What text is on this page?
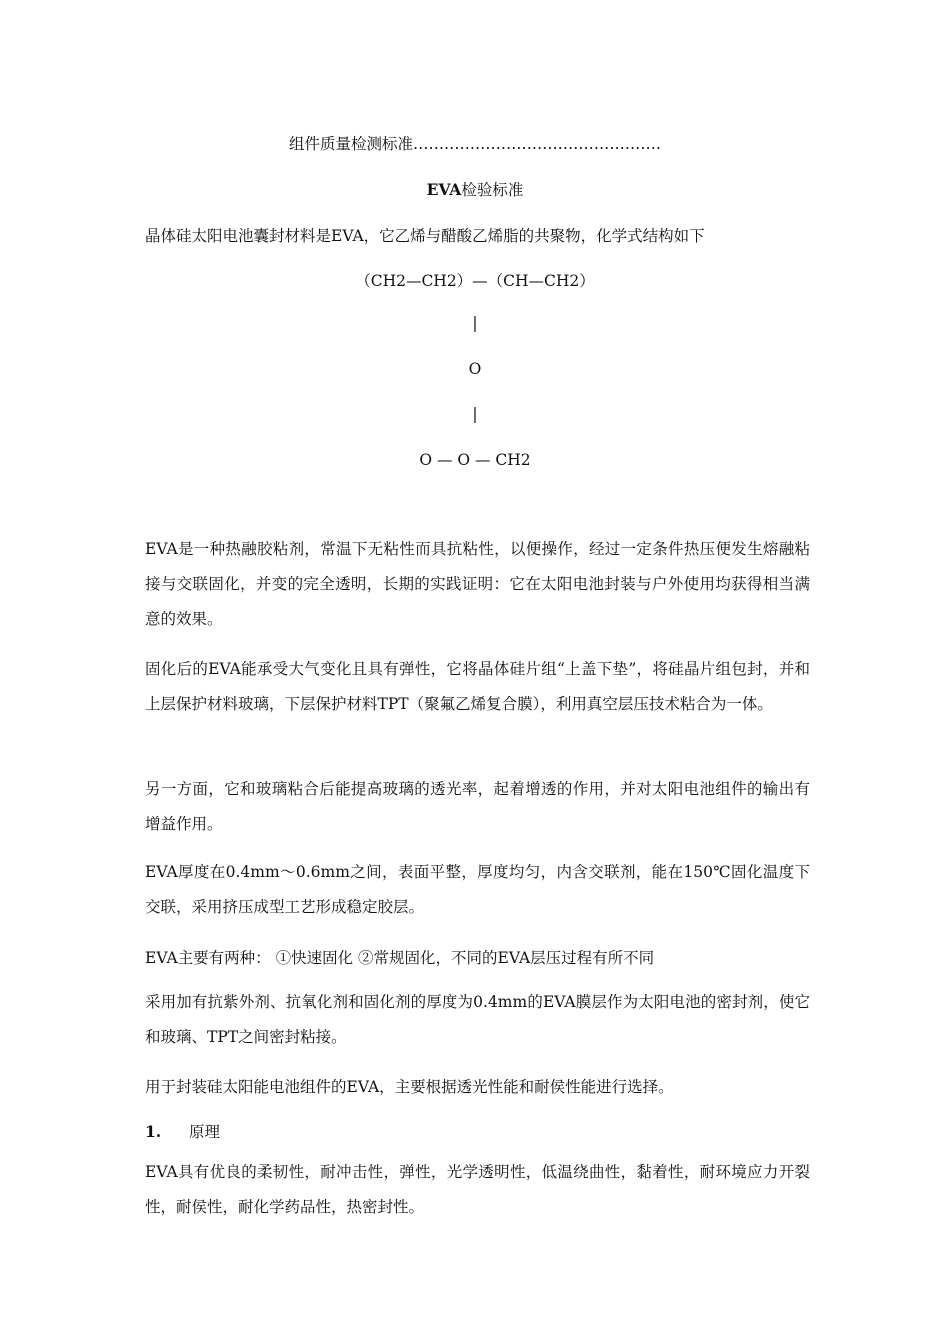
组件质量检测标准…………………………………………
EVA检验标准
晶体硅太阳电池囊封材料是EVA，它乙烯与醋酸乙烯脂的共聚物，化学式结构如下
（CH2—CH2）—（CH—CH2）
|
O
|
O — O — CH2
EVA是一种热融胶粘剂，常温下无粘性而具抗粘性，以便操作，经过一定条件热压便发生熔融粘接与交联固化，并变的完全透明，长期的实践证明：它在太阳电池封装与户外使用均获得相当满意的效果。
固化后的EVA能承受大气变化且具有弹性，它将晶体硅片组“上盖下垫”，将硅晶片组包封，并和上层保护材料玻璃，下层保护材料TPT（聚氟乙烯复合膜），利用真空层压技术粘合为一体。
另一方面，它和玻璃粘合后能提高玻璃的透光率，起着增透的作用，并对太阳电池组件的输出有增益作用。
EVA厚度在0.4mm～0.6mm之间，表面平整，厚度均匀，内含交联剂，能在150℃固化温度下交联，采用挤压成型工艺形成稳定胶层。
EVA主要有两种： ①快速固化 ②常规固化，不同的EVA层压过程有所不同
采用加有抗紫外剂、抗氧化剂和固化剂的厚度为0.4mm的EVA膜层作为太阳电池的密封剂，使它和玻璃、TPT之间密封粘接。
用于封装硅太阳能电池组件的EVA，主要根据透光性能和耐侯性能进行选择。
1. 原理
EVA具有优良的柔韧性，耐冲击性，弹性，光学透明性，低温绕曲性，黏着性，耐环境应力开裂性，耐侯性，耐化学药品性，热密封性。
